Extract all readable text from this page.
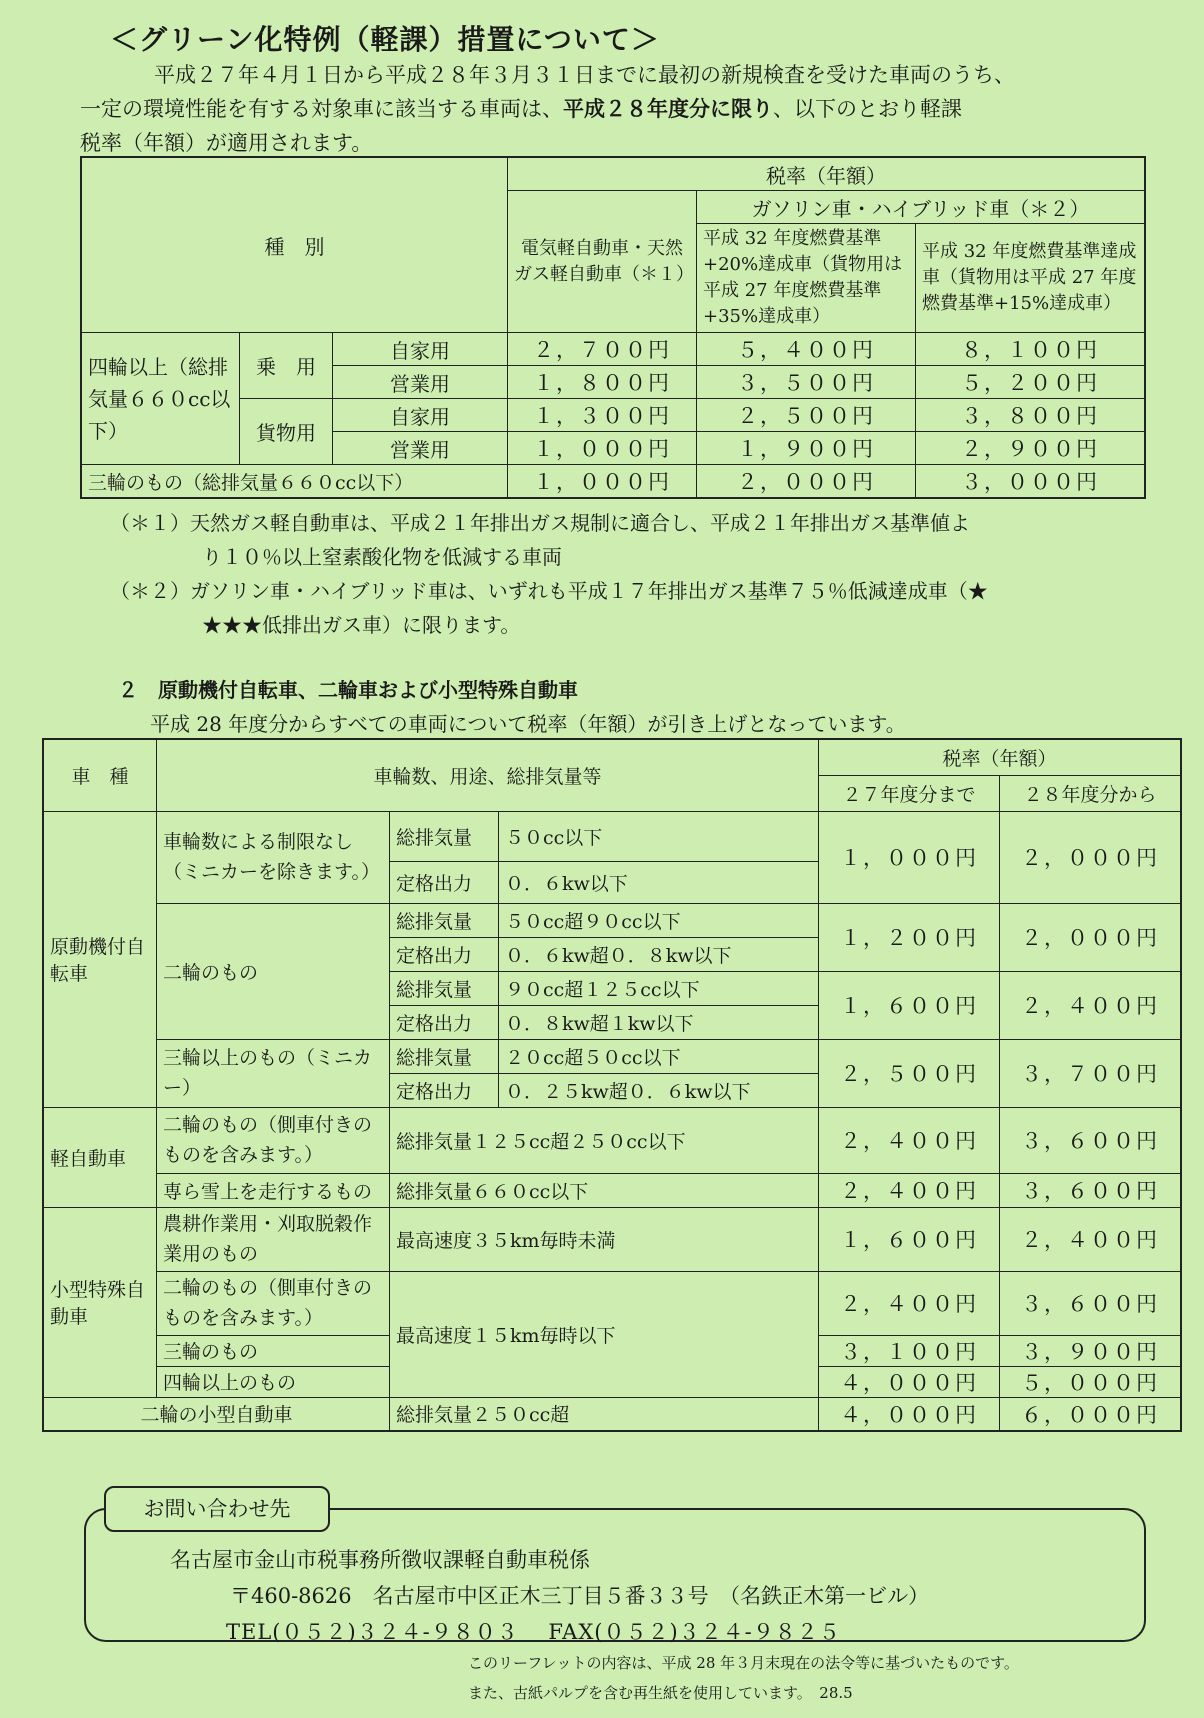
＜グリーン化特例（軽課）措置について＞
平成２７年４月１日から平成２８年３月３１日までに最初の新規検査を受けた車両のうち、
一定の環境性能を有する対象車に該当する車両は、平成２８年度分に限り、以下のとおり軽課
税率（年額）が適用されます。
種　別			税率（年額）		
			電気軽自動車・天然ガス軽自動車（＊１）	ガソリン車・ハイブリッド車（＊２）	
				平成 32 年度燃費基準+20%達成車（貨物用は平成 27 年度燃費基準+35%達成車）	平成 32 年度燃費基準達成車（貨物用は平成 27 年度燃費基準+15%達成車）
四輪以上（総排気量６６０cc以下）	乗　用	自家用	２，７００円	５，４００円	８，１００円
		営業用	１，８００円	３，５００円	５，２００円
	貨物用	自家用	１，３００円	２，５００円	３，８００円
		営業用	１，０００円	１，９００円	２，９００円
三輪のもの（総排気量６６０cc以下）			１，０００円	２，０００円	３，０００円

（＊１）天然ガス軽自動車は、平成２１年排出ガス規制に適合し、平成２１年排出ガス基準値よ

り１０％以上窒素酸化物を低減する車両

（＊２）ガソリン車・ハイブリッド車は、いずれも平成１７年排出ガス基準７５％低減達成車（★

★★★低排出ガス車）に限ります。

２　原動機付自転車、二輪車および小型特殊自動車
平成 28 年度分からすべての車両について税率（年額）が引き上げとなっています。
車　種	車輪数、用途、総排気量等			税率（年額）	
				２７年度分まで	２８年度分から
原動機付自転車	車輪数による制限なし（ミニカーを除きます。）	総排気量	５０cc以下	１，０００円	２，０００円
		定格出力	０．６kw以下		
	二輪のもの	総排気量	５０cc超９０cc以下	１，２００円	２，０００円
		定格出力	０．６kw超０．８kw以下		
		総排気量	９０cc超１２５cc以下	１，６００円	２，４００円
		定格出力	０．８kw超１kw以下		
	三輪以上のもの（ミニカー）	総排気量	２０cc超５０cc以下	２，５００円	３，７００円
		定格出力	０．２５kw超０．６kw以下		
軽自動車	二輪のもの（側車付きのものを含みます。）	総排気量１２５cc超２５０cc以下		２，４００円	３，６００円
	専ら雪上を走行するもの	総排気量６６０cc以下		２，４００円	３，６００円
小型特殊自動車	農耕作業用・刈取脱穀作業用のもの	最高速度３５km毎時未満		１，６００円	２，４００円
	二輪のもの（側車付きのものを含みます。）	最高速度１５km毎時以下		２，４００円	３，６００円
	三輪のもの			３，１００円	３，９００円
	四輪以上のもの			４，０００円	５，０００円
二輪の小型自動車		総排気量２５０cc超		４，０００円	６，０００円
お問い合わせ先
名古屋市金山市税事務所徴収課軽自動車税係
〒460-8626　名古屋市中区正木三丁目５番３３号　（名鉄正木第一ビル）
TEL(０５２)３２４-９８０３　 FAX(０５２)３２４-９８２５
このリーフレットの内容は、平成 28 年３月末現在の法令等に基づいたものです。
また、古紙パルプを含む再生紙を使用しています。　28.5
